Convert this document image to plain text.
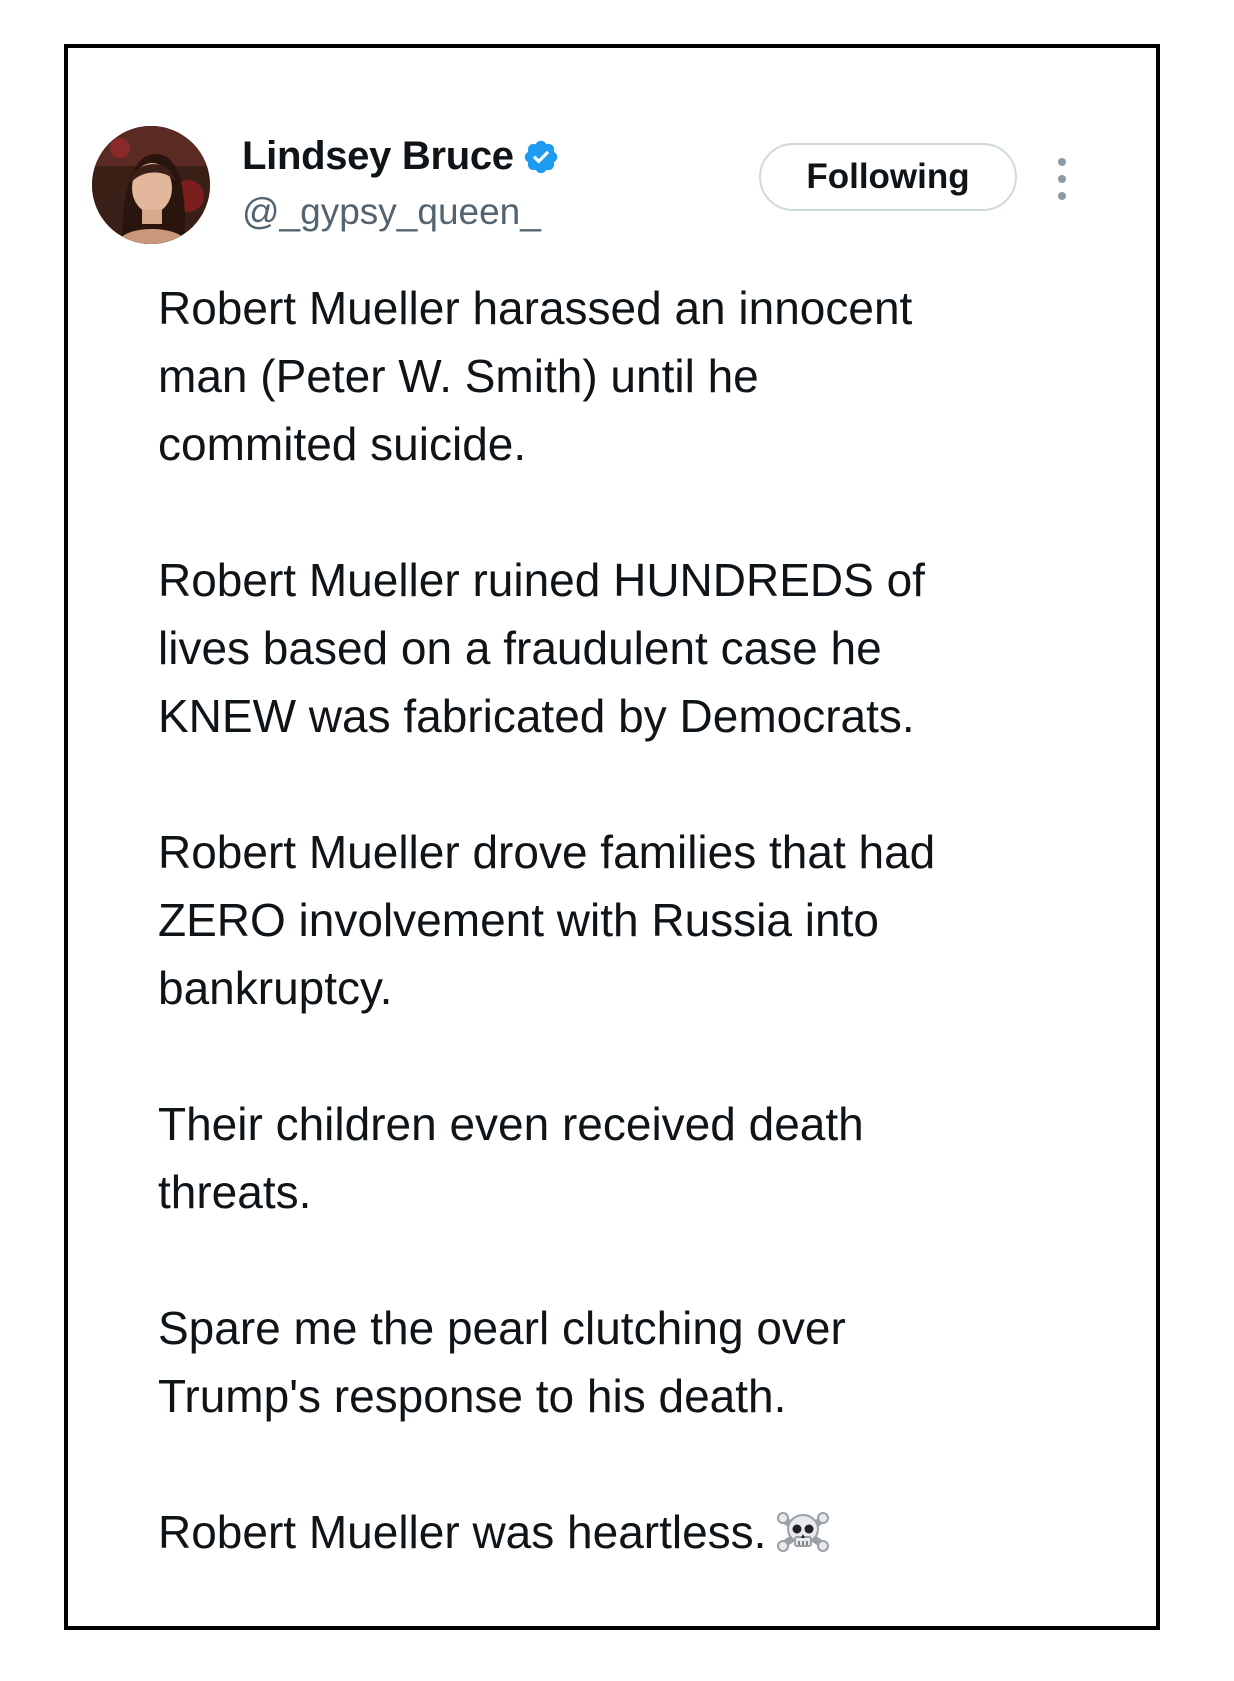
Lindsey Bruce
@_gypsy_queen_
Following

Robert Mueller harassed an innocent
man (Peter W. Smith) until he
commited suicide.

Robert Mueller ruined HUNDREDS of
lives based on a fraudulent case he
KNEW was fabricated by Democrats.

Robert Mueller drove families that had
ZERO involvement with Russia into
bankruptcy.

Their children even received death
threats.

Spare me the pearl clutching over
Trump's response to his death.

Robert Mueller was heartless.
